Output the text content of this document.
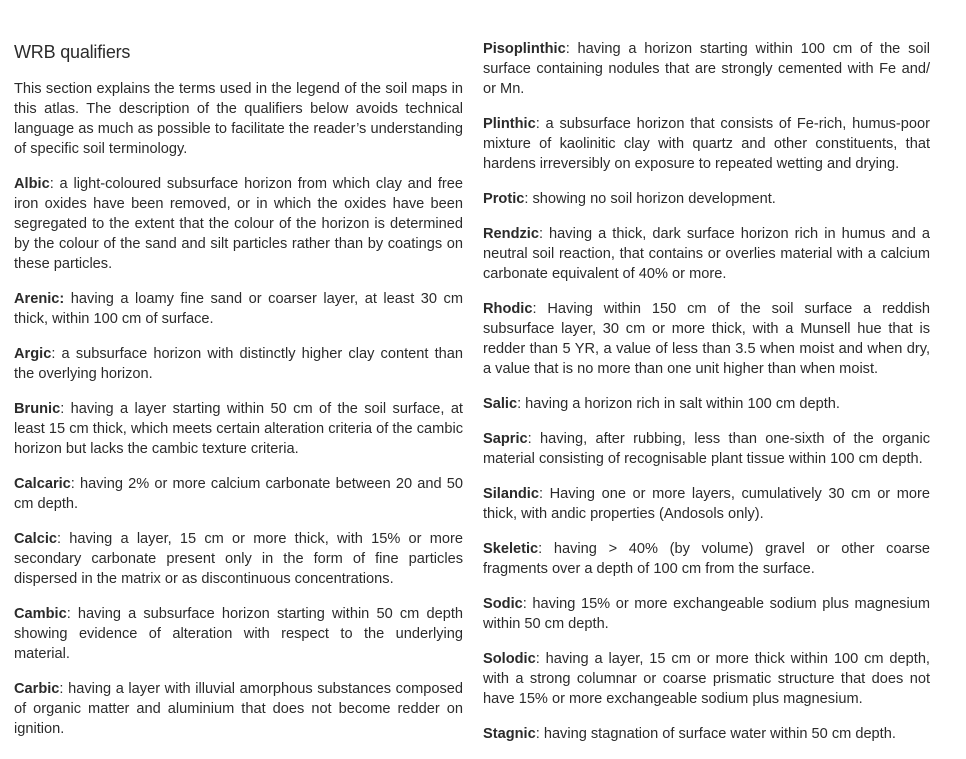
WRB qualifiers

This section explains the terms used in the legend of the soil maps in this atlas. The description of the qualifiers below avoids technical language as much as possible to facilitate the reader’s understanding of specific soil terminology.

Albic: a light-coloured subsurface horizon from which clay and free iron oxides have been removed, or in which the oxides have been segregated to the extent that the colour of the horizon is determined by the colour of the sand and silt particles rather than by coatings on these particles.

Arenic: having a loamy fine sand or coarser layer, at least 30 cm thick, within 100 cm of surface.

Argic: a subsurface horizon with distinctly higher clay content than the overlying horizon.

Brunic: having a layer starting within 50 cm of the soil surface, at least 15 cm thick, which meets certain alteration criteria of the cambic horizon but lacks the cambic texture criteria.

Calcaric: having 2% or more calcium carbonate between 20 and 50 cm depth.

Calcic: having a layer, 15 cm or more thick, with 15% or more secondary carbonate present only in the form of fine particles dispersed in the matrix or as discontinuous concentrations.

Cambic: having a subsurface horizon starting within 50 cm depth showing evidence of alteration with respect to the underlying material.

Carbic: having a layer with illuvial amorphous substances composed of organic matter and aluminium that does not become redder on ignition.

Pisoplinthic: having a horizon starting within 100 cm of the soil surface containing nodules that are strongly cemented with Fe and/ or Mn.

Plinthic: a subsurface horizon that consists of Fe-rich, humus-poor mixture of kaolinitic clay with quartz and other constituents, that hardens irreversibly on exposure to repeated wetting and drying.

Protic: showing no soil horizon development.

Rendzic: having a thick, dark surface horizon rich in humus and a neutral soil reaction, that contains or overlies material with a calcium carbonate equivalent of 40% or more.

Rhodic: Having within 150 cm of the soil surface a reddish subsurface layer, 30 cm or more thick, with a Munsell hue that is redder than 5 YR, a value of less than 3.5 when moist and when dry, a value that is no more than one unit higher than when moist.

Salic: having a horizon rich in salt within 100 cm depth.

Sapric: having, after rubbing, less than one-sixth of the organic material consisting of recognisable plant tissue within 100 cm depth.

Silandic: Having one or more layers, cumulatively 30 cm or more thick, with andic properties (Andosols only).

Skeletic: having > 40% (by volume) gravel or other coarse fragments over a depth of 100 cm from the surface.

Sodic: having 15% or more exchangeable sodium plus magnesium within 50 cm depth.

Solodic: having a layer, 15 cm or more thick within 100 cm depth, with a strong columnar or coarse prismatic structure that does not have 15% or more exchangeable sodium plus magnesium.

Stagnic: having stagnation of surface water within 50 cm depth.
